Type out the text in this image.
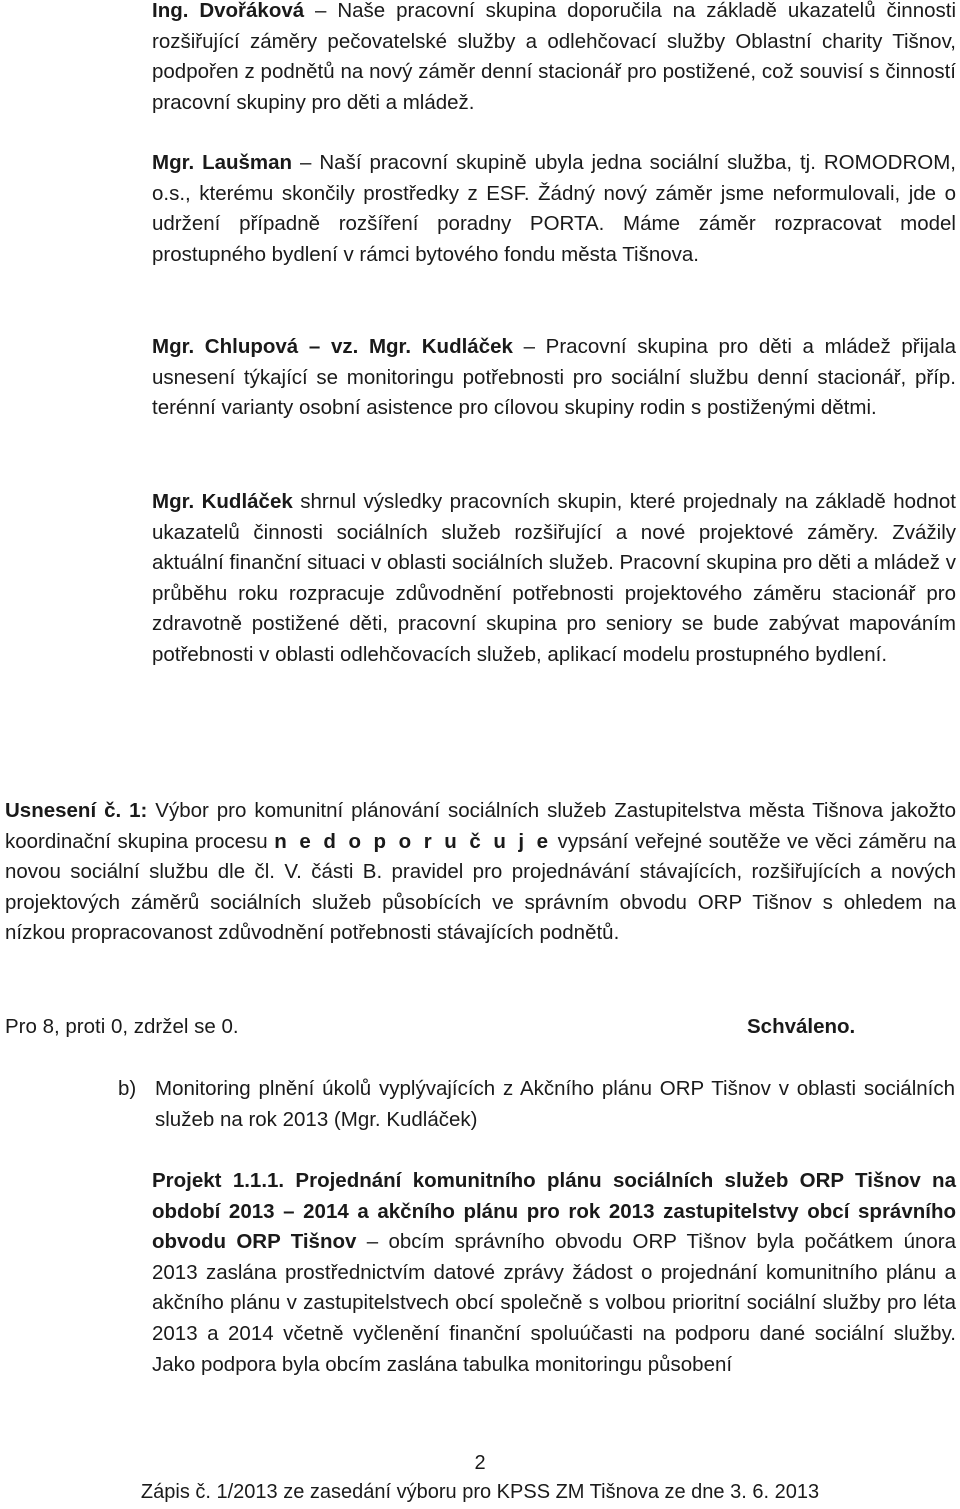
Ing. Dvořáková – Naše pracovní skupina doporučila na základě ukazatelů činnosti rozšiřující záměry pečovatelské služby a odlehčovací služby Oblastní charity Tišnov, podpořen z podnětů na nový záměr denní stacionář pro postižené, což souvisí s činností pracovní skupiny pro děti a mládež.

Mgr. Laušman – Naší pracovní skupině ubyla jedna sociální služba, tj. ROMODROM, o.s., kterému skončily prostředky z ESF. Žádný nový záměr jsme neformulovali, jde o udržení případně rozšíření poradny PORTA. Máme záměr rozpracovat model prostupného bydlení v rámci bytového fondu města Tišnova.

Mgr. Chlupová – vz. Mgr. Kudláček – Pracovní skupina pro děti a mládež přijala usnesení týkající se monitoringu potřebnosti pro sociální službu denní stacionář, příp. terénní varianty osobní asistence pro cílovou skupiny rodin s postiženými dětmi.

Mgr. Kudláček shrnul výsledky pracovních skupin, které projednaly na základě hodnot ukazatelů činnosti sociálních služeb rozšiřující a nové projektové záměry. Zvážily aktuální finanční situaci v oblasti sociálních služeb. Pracovní skupina pro děti a mládež v průběhu roku rozpracuje zdůvodnění potřebnosti projektového záměru stacionář pro zdravotně postižené děti, pracovní skupina pro seniory se bude zabývat mapováním potřebnosti v oblasti odlehčovacích služeb, aplikací modelu prostupného bydlení.

Usnesení č. 1: Výbor pro komunitní plánování sociálních služeb Zastupitelstva města Tišnova jakožto koordinační skupina procesu n e d o p o r u č u j e vypsání veřejné soutěže ve věci záměru na novou sociální službu dle čl. V. části B. pravidel pro projednávání stávajících, rozšiřujících a nových projektových záměrů sociálních služeb působících ve správním obvodu ORP Tišnov s ohledem na nízkou propracovanost zdůvodnění potřebnosti stávajících podnětů.

Pro 8, proti 0, zdržel se 0.	Schváleno.
b) Monitoring plnění úkolů vyplývajících z Akčního plánu ORP Tišnov v oblasti sociálních služeb na rok 2013 (Mgr. Kudláček)

Projekt 1.1.1. Projednání komunitního plánu sociálních služeb ORP Tišnov na období 2013 – 2014 a akčního plánu pro rok 2013 zastupitelstvy obcí správního obvodu ORP Tišnov – obcím správního obvodu ORP Tišnov byla počátkem února 2013 zaslána prostřednictvím datové zprávy žádost o projednání komunitního plánu a akčního plánu v zastupitelstvech obcí společně s volbou prioritní sociální služby pro léta 2013 a 2014 včetně vyčlenění finanční spoluúčasti na podporu dané sociální služby. Jako podpora byla obcím zaslána tabulka monitoringu působení

2
Zápis č. 1/2013 ze zasedání výboru pro KPSS ZM Tišnova ze dne 3. 6. 2013
